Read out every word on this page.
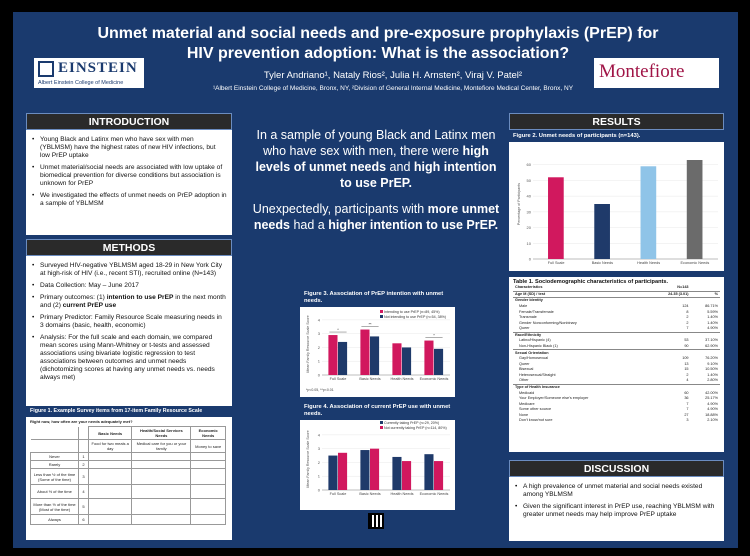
Unmet material and social needs and pre-exposure prophylaxis (PrEP) for HIV prevention adoption: What is the association?
EINSTEIN
Albert Einstein College of Medicine
Tyler Andriano¹, Nataly Rios², Julia H. Arnsten², Viraj V. Patel²
¹Albert Einstein College of Medicine, Bronx, NY, ²Division of General Internal Medicine, Montefiore Medical Center, Bronx, NY
Montefiore
INTRODUCTION
• Young Black and Latinx men who have sex with men (YBLMSM) have the highest rates of new HIV infections, but low PrEP uptake
• Unmet material/social needs are associated with low uptake of biomedical prevention for diverse conditions but association is unknown for PrEP
• We investigated the effects of unmet needs on PrEP adoption in a sample of YBLMSM
METHODS
• Surveyed HIV-negative YBLMSM aged 18-29 in New York City at high-risk of HIV (i.e., recent STI), recruited online (N=143)
• Data Collection: May – June 2017
• Primary outcomes: (1) intention to use PrEP in the next month and (2) current PrEP use
• Primary Predictor: Family Resource Scale measuring needs in 3 domains (basic, health, economic)
• Analysis: For the full scale and each domain, we compared mean scores using Mann-Whitney or t-tests and assessed associations using bivariate logistic regression to test associations between outcomes and unmet needs (dichotomizing scores at having any unmet needs vs. needs always met)
Figure 1. Example Survey items from 17-item Family Resource Scale
Right now, how often are your needs adequately met?
		Basic Needs	Health/Social Services Needs	Economic Needs
		Food for two meals a day	Medical care for you or your family	Money to save
Never	1			
Rarely	2			
Less than ½ of the time (Some of the time)	3			
About ½ of the time	4			
More than ½ of the time (Most of the time)	5			
Always	6			

In a sample of young Black and Latinx men who have sex with men, there were high levels of unmet needs and high intention to use PrEP.

Unexpectedly, participants with more unmet needs had a higher intention to use PrEP.

Figure 3. Association of PrEP intention with unmet needs.
0
1
2
3
4
Mean Family Resource Scale Score
Full Scale
*
Basic Needs
**
Health Needs Economic Needs
*
Intending to use PrEP (n=89, 45%)
Not intending to use PrEP (n=54, 38%)
*p<0.05, **p<0.01
Figure 4. Association of current PrEP use with unmet needs.
0
1
2
3
4
Mean Family Resource Scale Score
Full Scale	Basic Needs	Health Needs Economic Needs
Currently taking PrEP (n=29, 20%)
Not currently taking PrEP (n=114, 80%)
RESULTS
Figure 2. Unmet needs of participants (n=143).
0
10
20
30
40
50
60
Percentage of Participants
Full Scale	Basic Needs	Health Needs	Economic Needs
Table 1. Sociodemographic characteristics of participants.
Characteristics	N=143	
Age M (SD) / test	24.35 (3.01)	%
Gender Identity		
Male	124	86.71%
Female/Transfemale	8	5.59%
Transmale	2	1.40%
Gender Nonconforming/Nonbinary	2	1.40%
Queer	7	4.90%
Race/Ethnicity		
Latino/Hispanic (4)	53	37.10%
Non-Hispanic Black (1)	90	62.90%
Sexual Orientation		
Gay/Homosexual	109	76.20%
Queer	13	9.10%
Bisexual	15	10.50%
Heterosexual/Straight	2	1.40%
Other	4	2.80%
Type of Health Insurance		
Medicaid	60	42.00%
Your Employer/Someone else's employer	36	25.17%
Medicare	7	4.90%
Some other source	7	4.90%
None	27	18.88%
Don't know/not sure	3	2.10%
DISCUSSION
• A high prevalence of unmet material and social needs existed among YBLMSM
• Given the significant interest in PrEP use, reaching YBLMSM with greater unmet needs may help improve PrEP uptake
